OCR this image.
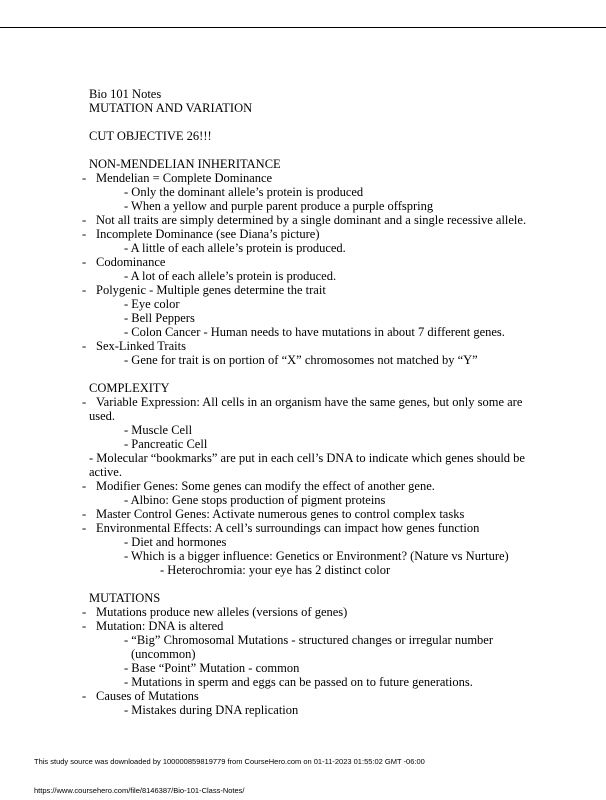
Bio 101 Notes
MUTATION AND VARIATION
CUT OBJECTIVE 26!!!
NON-MENDELIAN INHERITANCE
- Mendelian = Complete Dominance
- Only the dominant allele’s protein is produced
- When a yellow and purple parent produce a purple offspring
- Not all traits are simply determined by a single dominant and a single recessive allele.
- Incomplete Dominance (see Diana’s picture)
- A little of each allele’s protein is produced.
- Codominance
- A lot of each allele’s protein is produced.
- Polygenic - Multiple genes determine the trait
- Eye color
- Bell Peppers
- Colon Cancer - Human needs to have mutations in about 7 different genes.
- Sex-Linked Traits
- Gene for trait is on portion of “X” chromosomes not matched by “Y”
COMPLEXITY
- Variable Expression: All cells in an organism have the same genes, but only some are
used.
- Muscle Cell
- Pancreatic Cell
- Molecular “bookmarks” are put in each cell’s DNA to indicate which genes should be
active.
- Modifier Genes: Some genes can modify the effect of another gene.
- Albino: Gene stops production of pigment proteins
- Master Control Genes: Activate numerous genes to control complex tasks
- Environmental Effects: A cell’s surroundings can impact how genes function
- Diet and hormones
- Which is a bigger influence: Genetics or Environment? (Nature vs Nurture)
- Heterochromia: your eye has 2 distinct color
MUTATIONS
- Mutations produce new alleles (versions of genes)
- Mutation: DNA is altered
- “Big” Chromosomal Mutations - structured changes or irregular number
(uncommon)
- Base “Point” Mutation - common
- Mutations in sperm and eggs can be passed on to future generations.
- Causes of Mutations
- Mistakes during DNA replication
This study source was downloaded by 100000859819779 from CourseHero.com on 01-11-2023 01:55:02 GMT -06:00
https://www.coursehero.com/file/8146387/Bio-101-Class-Notes/
